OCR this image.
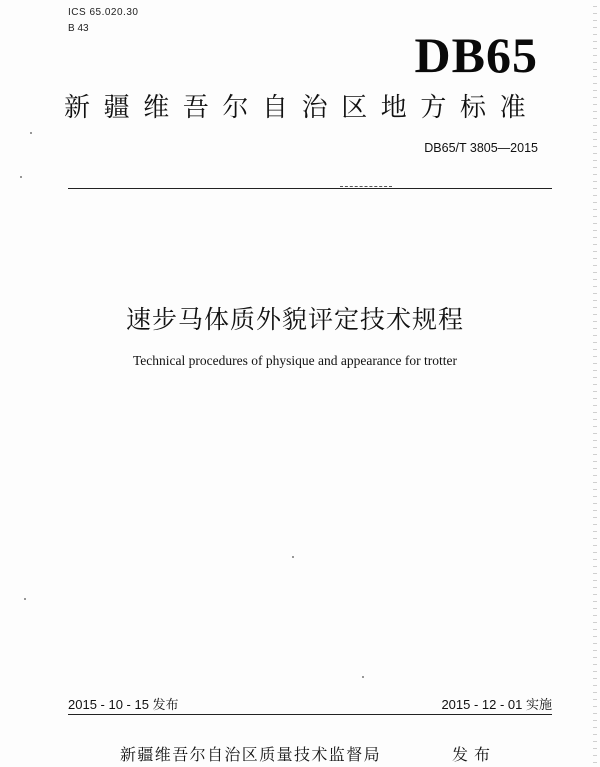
ICS 65.020.30
B 43	DB65
新疆维吾尔自治区地方标准
DB65/T 3805—2015
速步马体质外貌评定技术规程
Technical procedures of physique and appearance for trotter
2015 - 10 - 15 发布	2015 - 12 - 01 实施
新疆维吾尔自治区质量技术监督局	发布
